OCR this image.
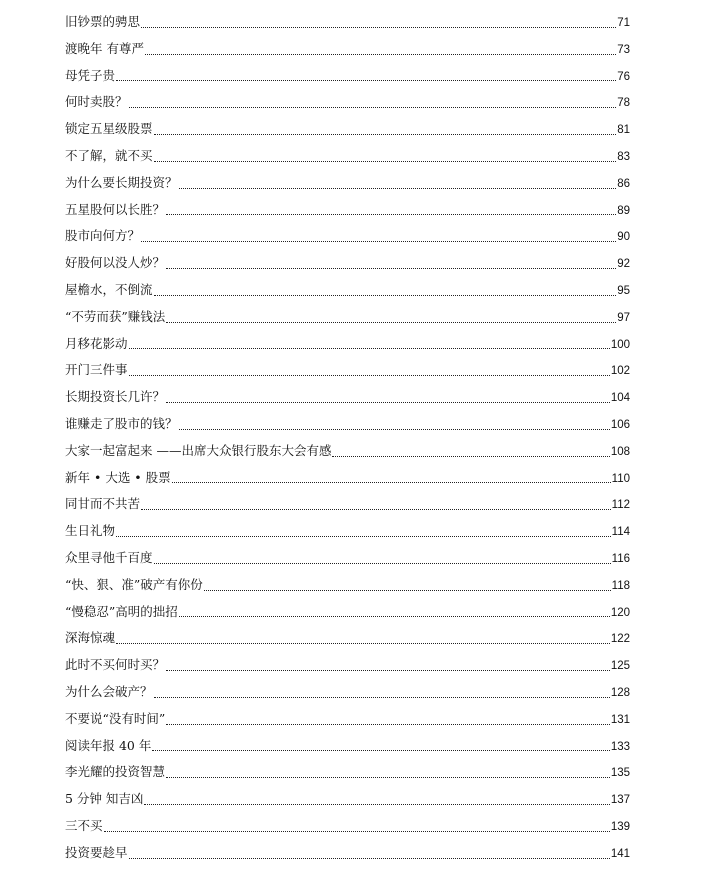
旧钞票的骋思	71
渡晚年 有尊严	73
母凭子贵	76
何时卖股？	78
锁定五星级股票	81
不了解，就不买	83
为什么要长期投资？	86
五星股何以长胜？	89
股市向何方？	90
好股何以没人炒？	92
屋檐水，不倒流	95
“不劳而获”赚钱法	97
月移花影动	100
开门三件事	102
长期投资长几许？	104
谁赚走了股市的钱？	106
大家一起富起来 ——出席大众银行股东大会有感	108
新年 • 大选 • 股票	110
同甘而不共苦	112
生日礼物	114
众里寻他千百度	116
“快、狠、准”破产有你份	118
“慢稳忍”高明的拙招	120
深海惊魂	122
此时不买何时买？	125
为什么会破产？	128
不要说“没有时间”	131
阅读年报 40 年	133
李光耀的投资智慧	135
5 分钟 知吉凶	137
三不买	139
投资要趁早	141
